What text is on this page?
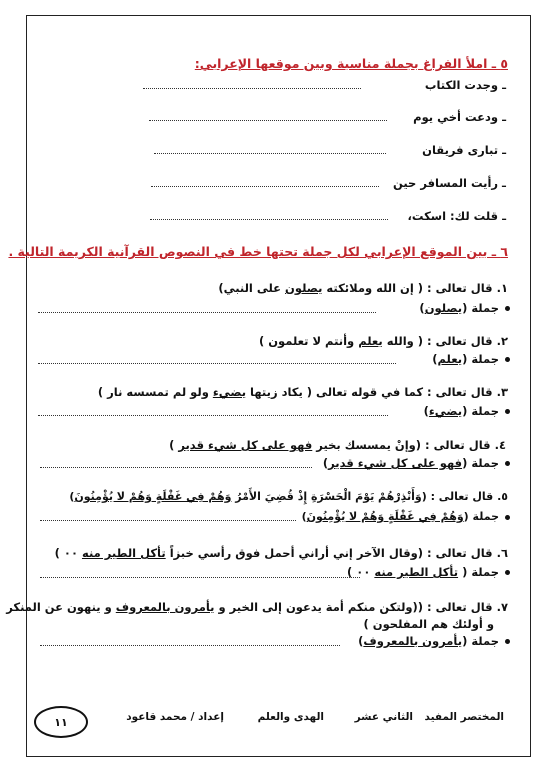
٥ ـ املأ الفراغ بجملة مناسبة وبين موقعها الإعرابي:
ـ وجدت الكتاب
ـ ودعت أخي يوم
ـ تبارى فريقان
ـ رأيت المسافر حين
ـ قلت لك: اسكت،
٦ ـ بين الموقع الإعرابي لكل جملة تحتها خط في النصوص القرآنية الكريمة التالية .
١. قال تعالى : ( إن الله وملائكته يصلون على النبي)
جملة (يصلون)
٢. قال تعالى : ( والله يعلم وأنتم لا تعلمون )
جملة (يعلم)
٣. قال تعالى : كما في قوله تعالى ( يكاد زيتها يضيء ولو لم تمسسه نار )
جملة (يضيء)
٤. قال تعالى : (وإنْ يمسسك بخير فهو على كل شيء قدير )
جملة (فهو على كل شيء قدير)
٥. قال تعالى : (وَأَنْذِرْهُمْ يَوْمَ الْحَسْرَةِ إِذْ قُضِيَ الأَمْرُ وَهُمْ فِي غَفْلَةٍ وَهُمْ لا يُؤْمِنُونَ)
جملة (وَهُمْ فِي غَفْلَةٍ وَهُمْ لا يُؤْمِنُونَ)
٦. قال تعالى : (وقال الآخر إني أراني أحمل فوق رأسي خبزاً تأكل الطير منه ٠٠ )
جملة ( تأكل الطير منه ٠٠ )
٧. قال تعالى : ((ولتكن منكم أمة يدعون إلى الخير و يأمرون بالمعروف و ينهون عن المنكر
و أولئك هم المفلحون )
جملة (يأمرون بالمعروف)
المختصر المفيد
الثاني عشر
الهدى والعلم
إعداد / محمد قاعود
١١
